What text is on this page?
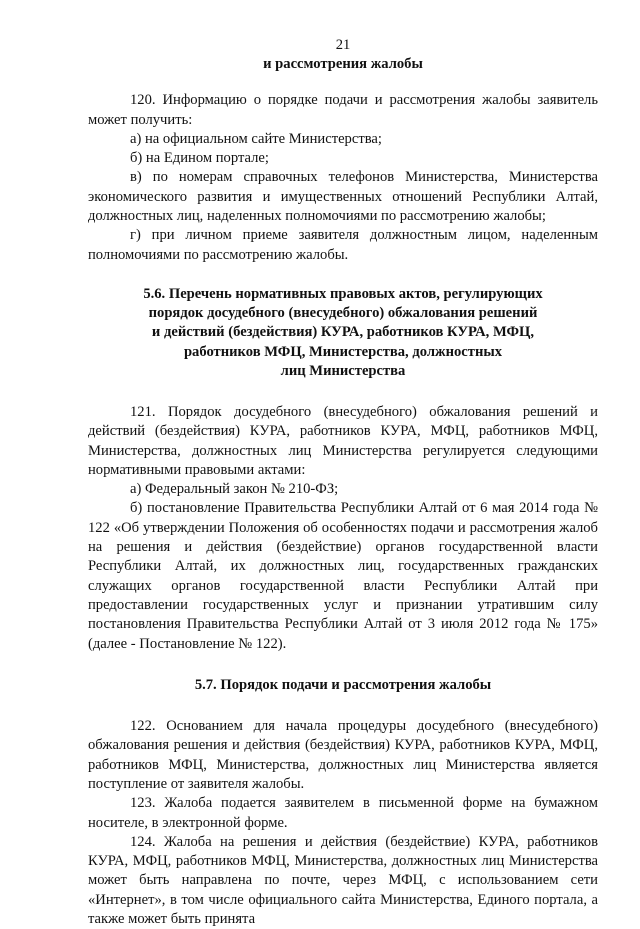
21
и рассмотрения жалобы

120. Информацию о порядке подачи и рассмотрения жалобы заявитель может получить:

а) на официальном сайте Министерства;

б) на Едином портале;

в) по номерам справочных телефонов Министерства, Министерства экономического развития и имущественных отношений Республики Алтай, должностных лиц, наделенных полномочиями по рассмотрению жалобы;

г) при личном приеме заявителя должностным лицом, наделенным полномочиями по рассмотрению жалобы.

5.6. Перечень нормативных правовых актов, регулирующих
порядок досудебного (внесудебного) обжалования решений
и действий (бездействия) КУРА, работников КУРА, МФЦ,
работников МФЦ, Министерства, должностных
лиц Министерства

121. Порядок досудебного (внесудебного) обжалования решений и действий (бездействия) КУРА, работников КУРА, МФЦ, работников МФЦ, Министерства, должностных лиц Министерства регулируется следующими нормативными правовыми актами:

а) Федеральный закон № 210-ФЗ;

б) постановление Правительства Республики Алтай от 6 мая 2014 года № 122 «Об утверждении Положения об особенностях подачи и рассмотрения жалоб на решения и действия (бездействие) органов государственной власти Республики Алтай, их должностных лиц, государственных гражданских служащих органов государственной власти Республики Алтай при предоставлении государственных услуг и признании утратившим силу постановления Правительства Республики Алтай от 3 июля 2012 года № 175» (далее - Постановление № 122).

5.7. Порядок подачи и рассмотрения жалобы

122. Основанием для начала процедуры досудебного (внесудебного) обжалования решения и действия (бездействия) КУРА, работников КУРА, МФЦ, работников МФЦ, Министерства, должностных лиц Министерства является поступление от заявителя жалобы.

123. Жалоба подается заявителем в письменной форме на бумажном носителе, в электронной форме.

124. Жалоба на решения и действия (бездействие) КУРА, работников КУРА, МФЦ, работников МФЦ, Министерства, должностных лиц Министерства может быть направлена по почте, через МФЦ, с использованием сети «Интернет», в том числе официального сайта Министерства, Единого портала, а также может быть принята
